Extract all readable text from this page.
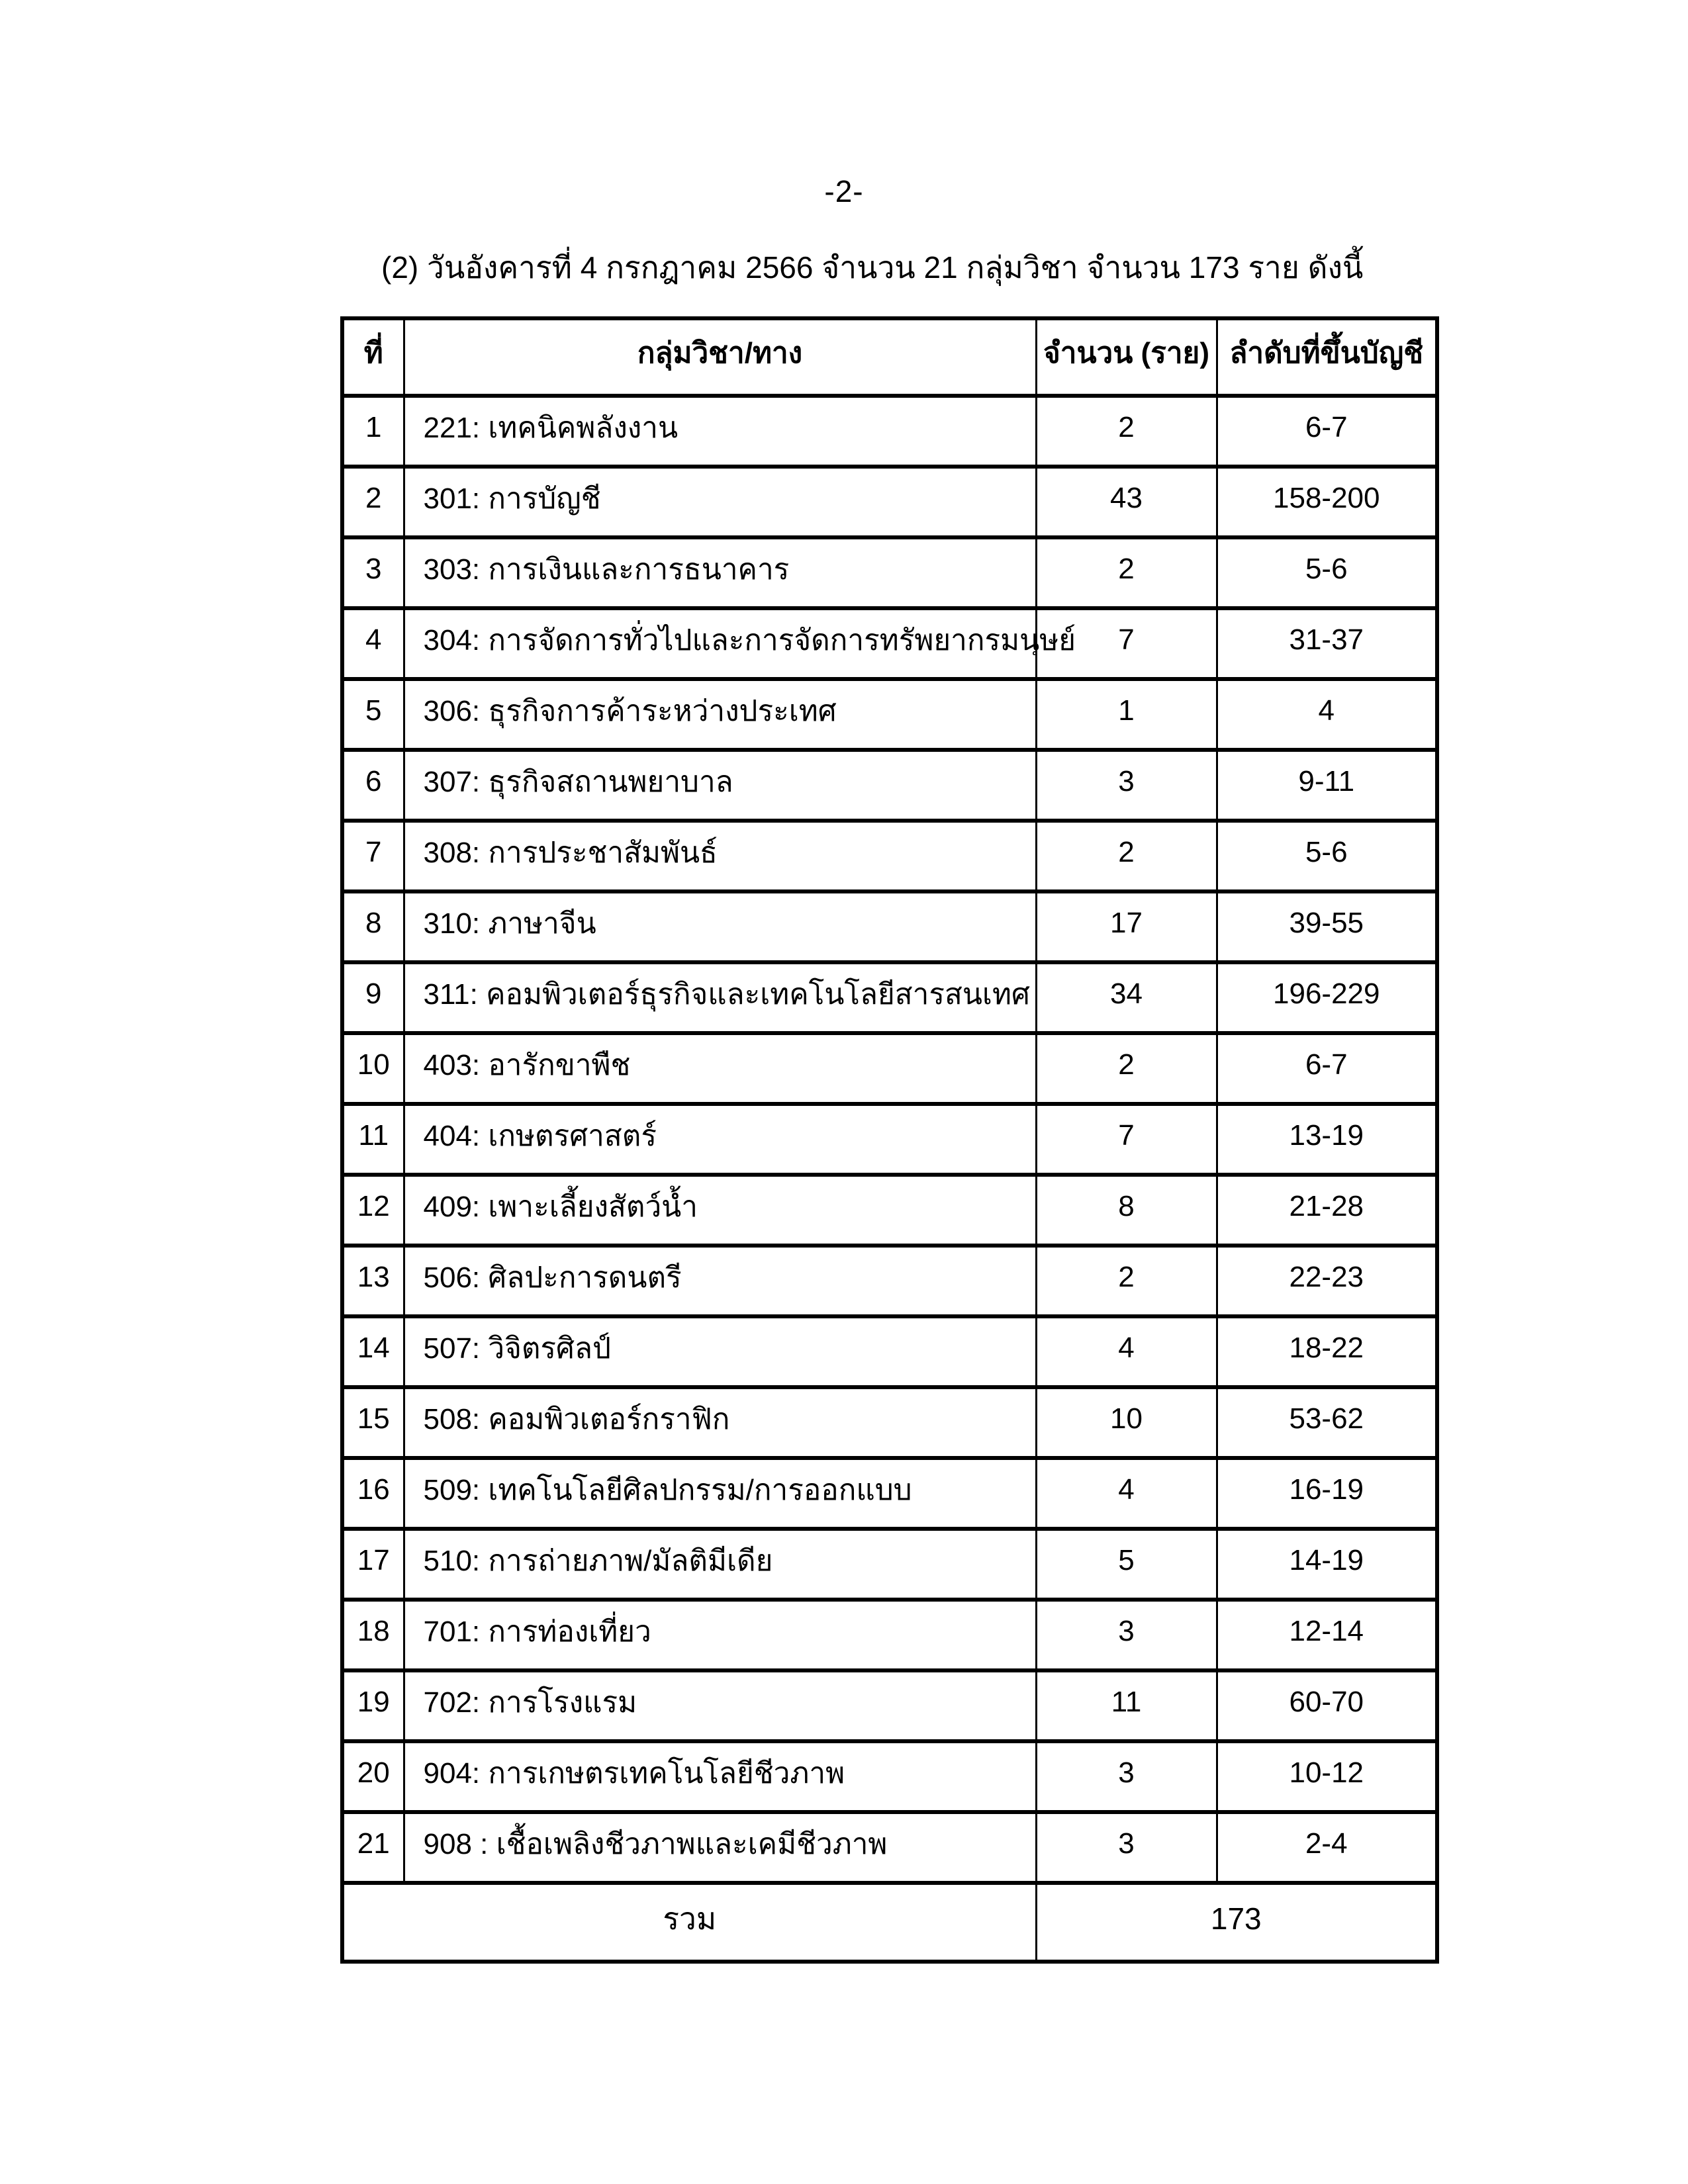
-2-
(2) วันอังคารที่ 4 กรกฎาคม 2566 จำนวน 21 กลุ่มวิชา จำนวน 173 ราย ดังนี้
ที่	กลุ่มวิชา/ทาง	จำนวน (ราย)	ลำดับที่ขึ้นบัญชี
1	221: เทคนิคพลังงาน	2	6-7
2	301: การบัญชี	43	158-200
3	303: การเงินและการธนาคาร	2	5-6
4	304: การจัดการทั่วไปและการจัดการทรัพยากรมนุษย์	7	31-37
5	306: ธุรกิจการค้าระหว่างประเทศ	1	4
6	307: ธุรกิจสถานพยาบาล	3	9-11
7	308: การประชาสัมพันธ์	2	5-6
8	310: ภาษาจีน	17	39-55
9	311: คอมพิวเตอร์ธุรกิจและเทคโนโลยีสารสนเทศ	34	196-229
10	403: อารักขาพืช	2	6-7
11	404: เกษตรศาสตร์	7	13-19
12	409: เพาะเลี้ยงสัตว์น้ำ	8	21-28
13	506: ศิลปะการดนตรี	2	22-23
14	507: วิจิตรศิลป์	4	18-22
15	508: คอมพิวเตอร์กราฟิก	10	53-62
16	509: เทคโนโลยีศิลปกรรม/การออกแบบ	4	16-19
17	510: การถ่ายภาพ/มัลติมีเดีย	5	14-19
18	701: การท่องเที่ยว	3	12-14
19	702: การโรงแรม	11	60-70
20	904: การเกษตรเทคโนโลยีชีวภาพ	3	10-12
21	908 : เชื้อเพลิงชีวภาพและเคมีชีวภาพ	3	2-4
รวม		173	
